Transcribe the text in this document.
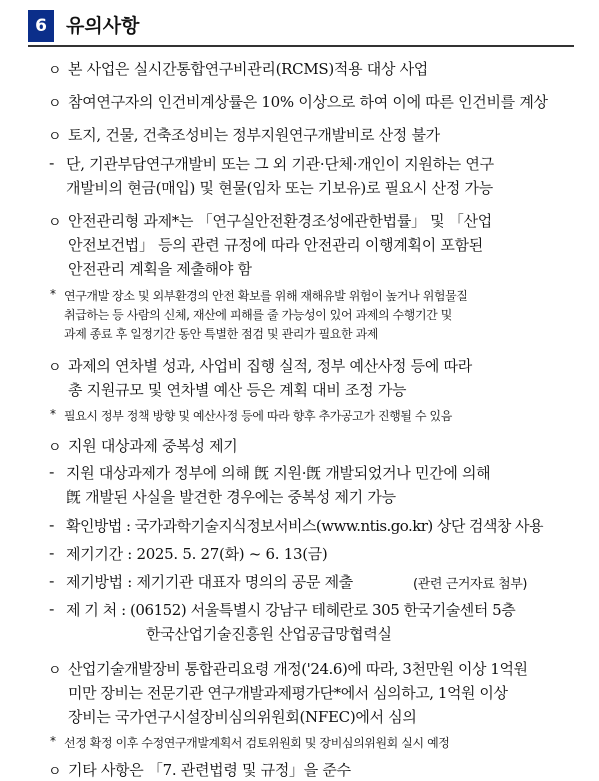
6	유의사항
ㅇ 본 사업은 실시간통합연구비관리(RCMS)적용 대상 사업
ㅇ 참여연구자의 인건비계상률은 10% 이상으로 하여 이에 따른 인건비를 계상
ㅇ 토지, 건물, 건축조성비는 정부지원연구개발비로 산정 불가
- 단, 기관부담연구개발비 또는 그 외 기관·단체·개인이 지원하는 연구
개발비의 현금(매입) 및 현물(임차 또는 기보유)로 필요시 산정 가능
ㅇ 안전관리형 과제*는 「연구실안전환경조성에관한법률」 및 「산업
안전보건법」 등의 관련 규정에 따라 안전관리 이행계획이 포함된
안전관리 계획을 제출해야 함
* 연구개발 장소 및 외부환경의 안전 확보를 위해 재해유발 위험이 높거나 위험물질
취급하는 등 사람의 신체, 재산에 피해를 줄 가능성이 있어 과제의 수행기간 및
과제 종료 후 일정기간 동안 특별한 점검 및 관리가 필요한 과제
ㅇ 과제의 연차별 성과, 사업비 집행 실적, 정부 예산사정 등에 따라
총 지원규모 및 연차별 예산 등은 계획 대비 조정 가능
* 필요시 정부 정책 방향 및 예산사정 등에 따라 향후 추가공고가 진행될 수 있음
ㅇ 지원 대상과제 중복성 제기
- 지원 대상과제가 정부에 의해 旣 지원·旣 개발되었거나 민간에 의해
旣 개발된 사실을 발견한 경우에는 중복성 제기 가능
- 확인방법 : 국가과학기술지식정보서비스(www.ntis.go.kr) 상단 검색창 사용
- 제기기간 : 2025. 5. 27(화) ~ 6. 13(금)
- 제기방법 : 제기기관 대표자 명의의 공문 제출	(관련 근거자료 첨부)
- 제 기 처 : (06152) 서울특별시 강남구 테헤란로 305 한국기술센터 5층
한국산업기술진흥원 산업공급망협력실
ㅇ 산업기술개발장비 통합관리요령 개정('24.6)에 따라, 3천만원 이상 1억원
미만 장비는 전문기관 연구개발과제평가단*에서 심의하고, 1억원 이상
장비는 국가연구시설장비심의위원회(NFEC)에서 심의
* 선정 확정 이후 수정연구개발계획서 검토위원회 및 장비심의위원회 실시 예정
ㅇ 기타 사항은 「7. 관련법령 및 규정」을 준수
